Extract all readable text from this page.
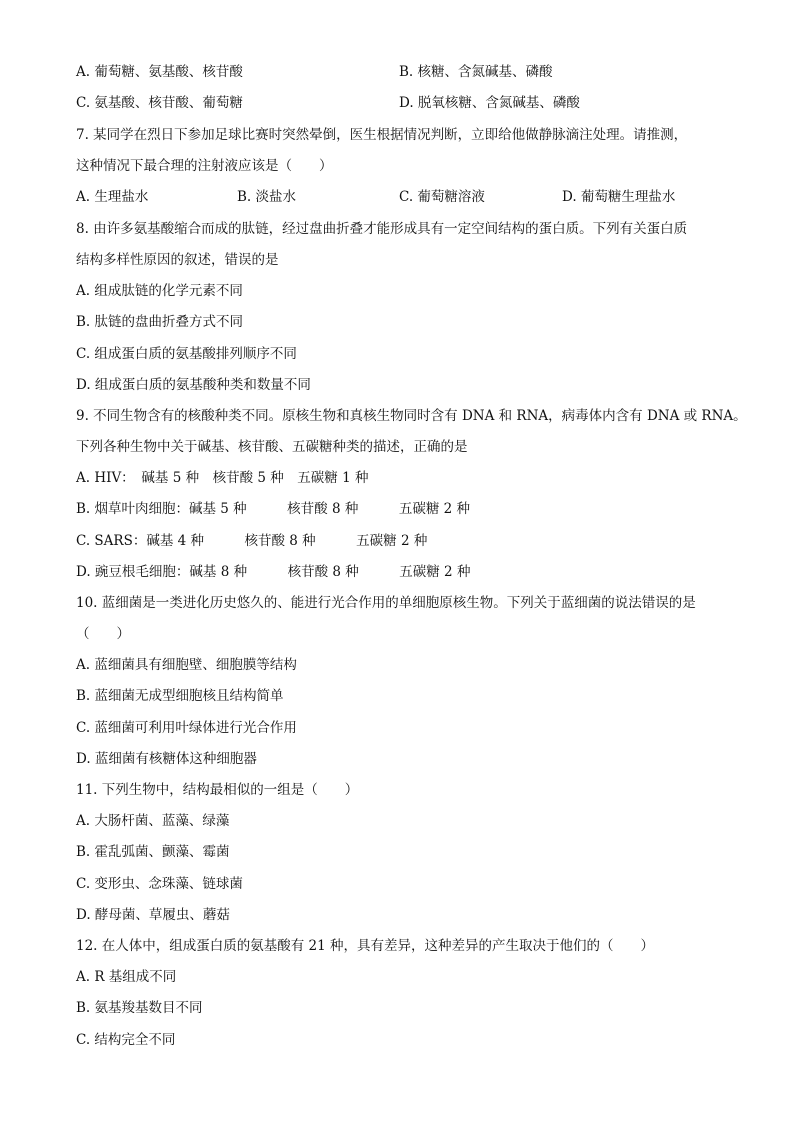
A. 葡萄糖、氨基酸、核苷酸	B. 核糖、含氮碱基、磷酸
C. 氨基酸、核苷酸、葡萄糖	D. 脱氧核糖、含氮碱基、磷酸
7. 某同学在烈日下参加足球比赛时突然晕倒，医生根据情况判断，立即给他做静脉滴注处理。请推测，
这种情况下最合理的注射液应该是（　　）
A. 生理盐水	B. 淡盐水	C. 葡萄糖溶液	D. 葡萄糖生理盐水
8. 由许多氨基酸缩合而成的肽链，经过盘曲折叠才能形成具有一定空间结构的蛋白质。下列有关蛋白质
结构多样性原因的叙述，错误的是
A. 组成肽链的化学元素不同
B. 肽链的盘曲折叠方式不同
C. 组成蛋白质的氨基酸排列顺序不同
D. 组成蛋白质的氨基酸种类和数量不同
9. 不同生物含有的核酸种类不同。原核生物和真核生物同时含有 DNA 和 RNA，病毒体内含有 DNA 或 RNA。
下列各种生物中关于碱基、核苷酸、五碳糖种类的描述，正确的是
A. HIV：　碱基 5 种　核苷酸 5 种　五碳糖 1 种
B. 烟草叶肉细胞：碱基 5 种　　　核苷酸 8 种　　　五碳糖 2 种
C. SARS：碱基 4 种　　　核苷酸 8 种　　　五碳糖 2 种
D. 豌豆根毛细胞：碱基 8 种　　　核苷酸 8 种　　　五碳糖 2 种
10. 蓝细菌是一类进化历史悠久的、能进行光合作用的单细胞原核生物。下列关于蓝细菌的说法错误的是
（　　）
A. 蓝细菌具有细胞壁、细胞膜等结构
B. 蓝细菌无成型细胞核且结构简单
C. 蓝细菌可利用叶绿体进行光合作用
D. 蓝细菌有核糖体这种细胞器
11. 下列生物中，结构最相似的一组是（　　）
A. 大肠杆菌、蓝藻、绿藻
B. 霍乱弧菌、颤藻、霉菌
C. 变形虫、念珠藻、链球菌
D. 酵母菌、草履虫、蘑菇
12. 在人体中，组成蛋白质的氨基酸有 21 种，具有差异，这种差异的产生取决于他们的（　　）
A. R 基组成不同
B. 氨基羧基数目不同
C. 结构完全不同
